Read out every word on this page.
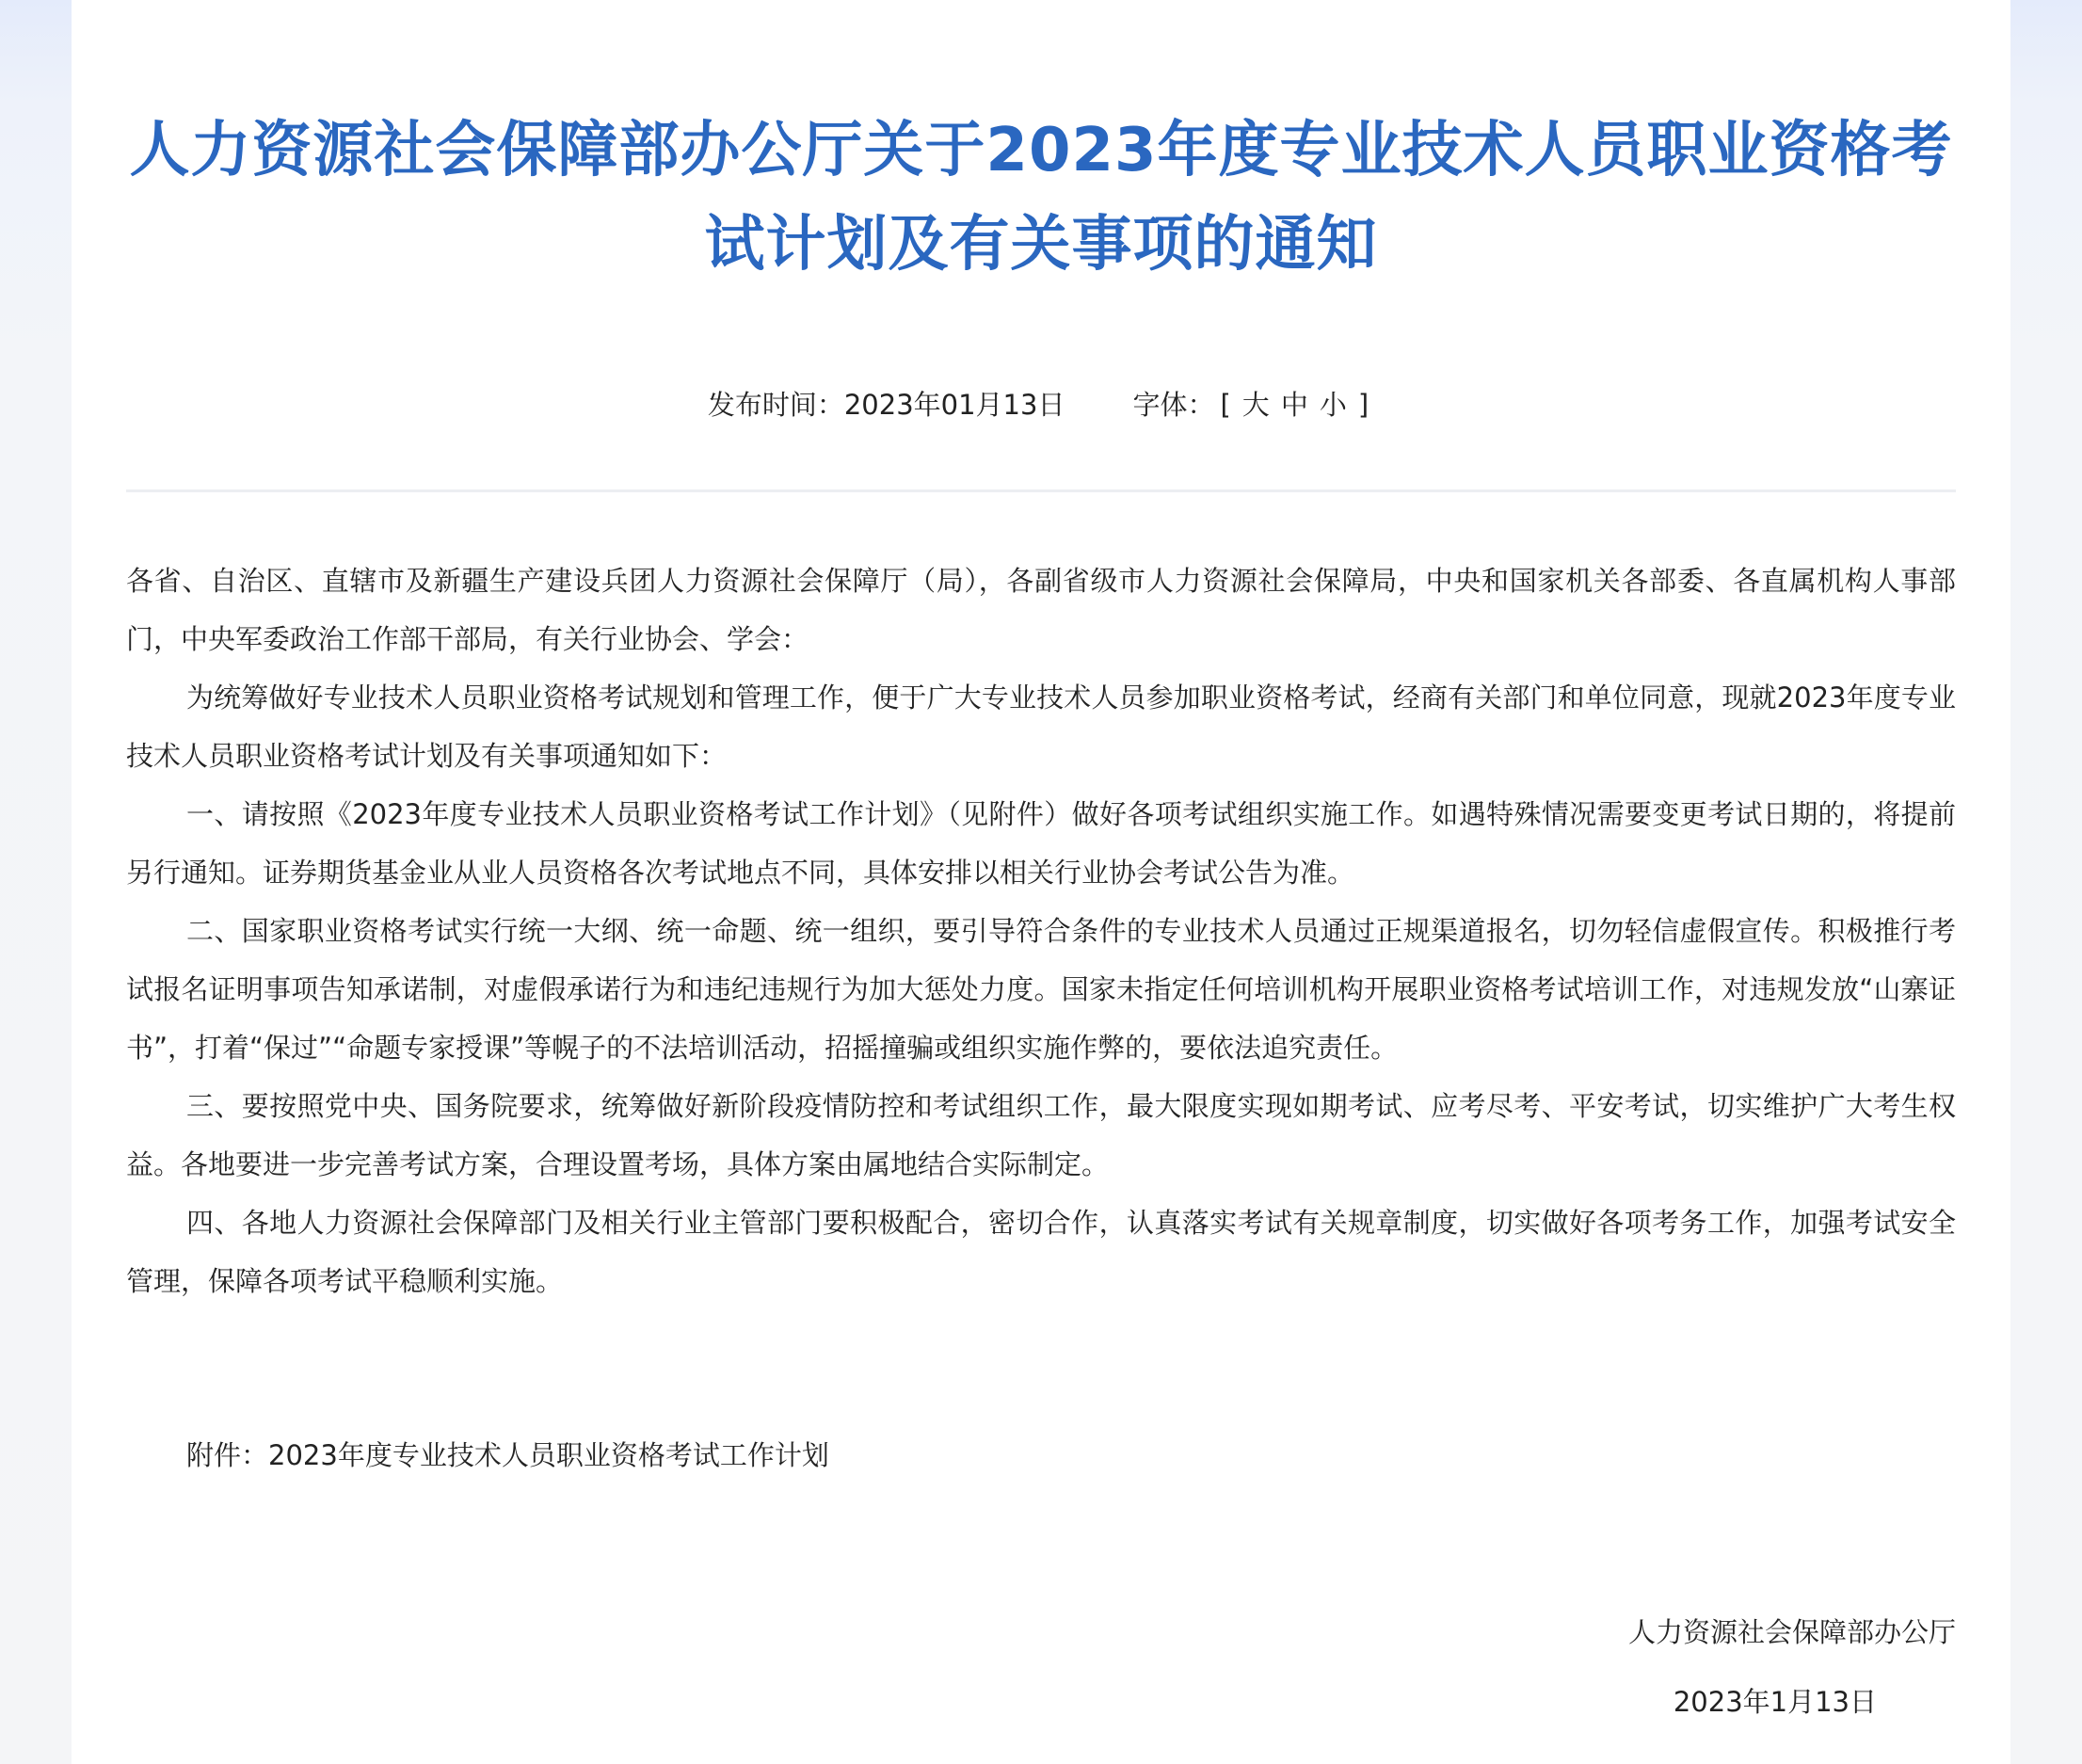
人力资源社会保障部办公厅关于2023年度专业技术人员职业资格考试计划及有关事项的通知
发布时间：2023年01月13日 字体： [ 大 中 小 ]

各省、自治区、直辖市及新疆生产建设兵团人力资源社会保障厅（局），各副省级市人力资源社会保障局，中央和国家机关各部委、各直属机构人事部门，中央军委政治工作部干部局，有关行业协会、学会：

为统筹做好专业技术人员职业资格考试规划和管理工作，便于广大专业技术人员参加职业资格考试，经商有关部门和单位同意，现就2023年度专业技术人员职业资格考试计划及有关事项通知如下：

一、请按照《2023年度专业技术人员职业资格考试工作计划》（见附件）做好各项考试组织实施工作。如遇特殊情况需要变更考试日期的，将提前另行通知。证券期货基金业从业人员资格各次考试地点不同，具体安排以相关行业协会考试公告为准。

二、国家职业资格考试实行统一大纲、统一命题、统一组织，要引导符合条件的专业技术人员通过正规渠道报名，切勿轻信虚假宣传。积极推行考试报名证明事项告知承诺制，对虚假承诺行为和违纪违规行为加大惩处力度。国家未指定任何培训机构开展职业资格考试培训工作，对违规发放“山寨证书”，打着“保过”“命题专家授课”等幌子的不法培训活动，招摇撞骗或组织实施作弊的，要依法追究责任。

三、要按照党中央、国务院要求，统筹做好新阶段疫情防控和考试组织工作，最大限度实现如期考试、应考尽考、平安考试，切实维护广大考生权益。各地要进一步完善考试方案，合理设置考场，具体方案由属地结合实际制定。

四、各地人力资源社会保障部门及相关行业主管部门要积极配合，密切合作，认真落实考试有关规章制度，切实做好各项考务工作，加强考试安全管理，保障各项考试平稳顺利实施。

附件：2023年度专业技术人员职业资格考试工作计划
人力资源社会保障部办公厅
2023年1月13日
